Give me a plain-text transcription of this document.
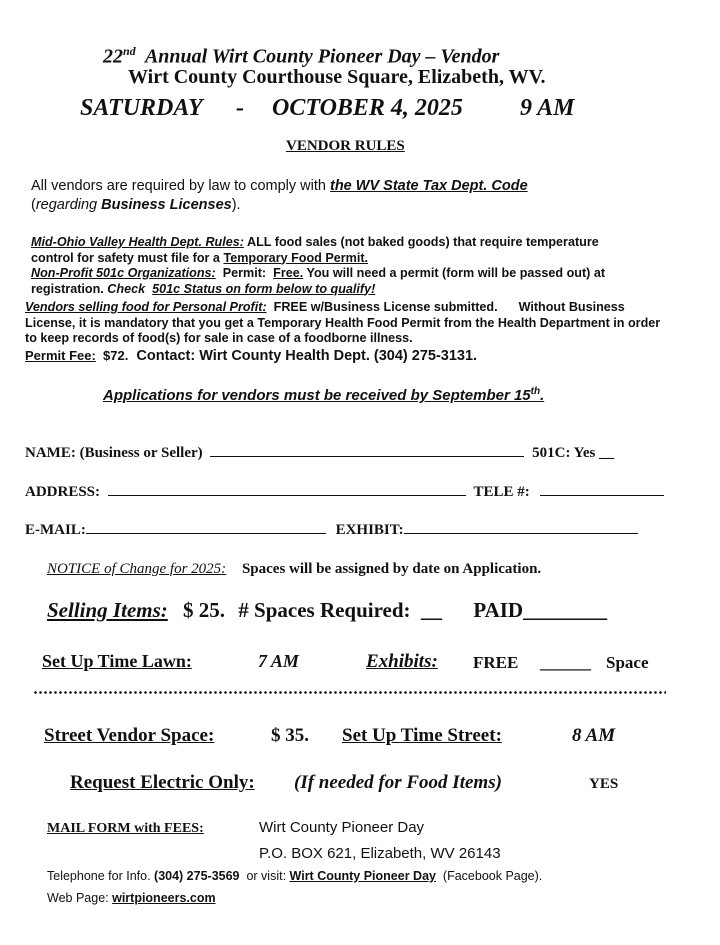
22nd  Annual Wirt County Pioneer Day – Vendor
Wirt County Courthouse Square, Elizabeth, WV.
SATURDAY - OCTOBER 4, 2025 9 AM
VENDOR RULES
All vendors are required by law to comply with the WV State Tax Dept. Code
(regarding Business Licenses).
Mid-Ohio Valley Health Dept. Rules: ALL food sales (not baked goods) that require temperature control for safety must file for a Temporary Food Permit.
Non-Profit 501c Organizations:  Permit:  Free. You will need a permit (form will be passed out) at registration. Check  501c Status on form below to qualify!
Vendors selling food for Personal Profit:  FREE w/Business License submitted.      Without Business License, it is mandatory that you get a Temporary Health Food Permit from the Health Department in order to keep records of food(s) for sale in case of a foodborne illness.
Permit Fee:  $72.  Contact: Wirt County Health Dept. (304) 275-3131.
Applications for vendors must be received by September 15th.
NAME: (Business or Seller)	501C: Yes __
ADDRESS:	TELE #:
E-MAIL:	EXHIBIT:
NOTICE of Change for 2025: Spaces will be assigned by date on Application.
Selling Items: $ 25. # Spaces Required:  __ PAID________
Set Up Time Lawn:	7 AM	Exhibits: FREE ______ Space
Street Vendor Space:	$ 35. Set Up Time Street:	8 AM
Request Electric Only: (If needed for Food Items)	YES
MAIL FORM with FEES:	Wirt County Pioneer Day
P.O. BOX 621, Elizabeth, WV 26143
Telephone for Info. (304) 275-3569  or visit: Wirt County Pioneer Day  (Facebook Page).
Web Page: wirtpioneers.com
